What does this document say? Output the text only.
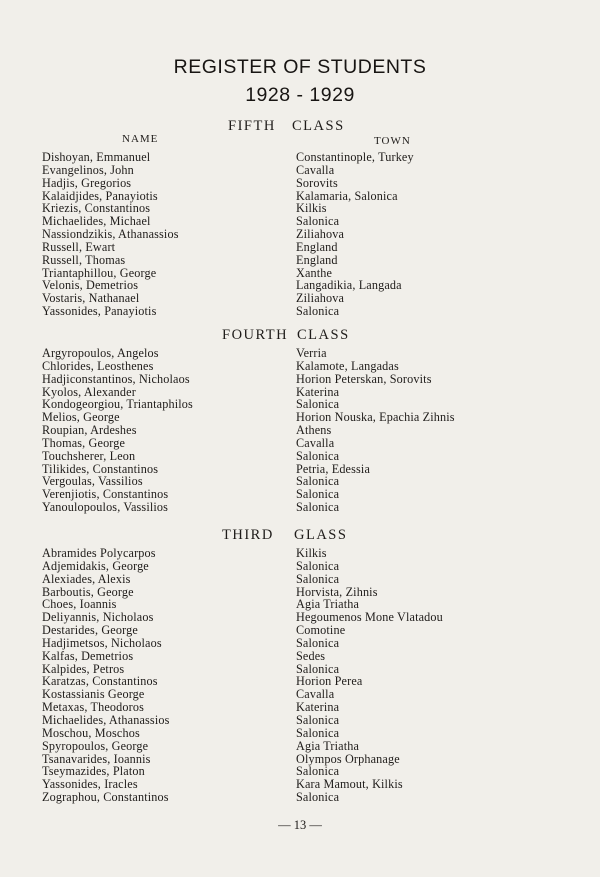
REGISTER OF STUDENTS
1928 - 1929
FIFTH CLASS
NAME	TOWN
Dishoyan, Emmanuel
Evangelinos, John
Hadjis, Gregorios
Kalaidjides, Panayiotis
Kriezis, Constantinos
Michaelides, Michael
Nassiondzikis, Athanassios
Russell, Ewart
Russell, Thomas
Triantaphillou, George
Velonis, Demetrios
Vostaris, Nathanael
Yassonides, Panayiotis
Constantinople, Turkey
Cavalla
Sorovits
Kalamaria, Salonica
Kilkis
Salonica
Ziliahova
England
England
Xanthe
Langadikia, Langada
Ziliahova
Salonica
FOURTH CLASS
Argyropoulos, Angelos
Chlorides, Leosthenes
Hadjiconstantinos, Nicholaos
Kyolos, Alexander
Kondogeorgiou, Triantaphilos
Melios, George
Roupian, Ardeshes
Thomas, George
Touchsherer, Leon
Tilikides, Constantinos
Vergoulas, Vassilios
Verenjiotis, Constantinos
Yanoulopoulos, Vassilios
Verria
Kalamote, Langadas
Horion Peterskan, Sorovits
Katerina
Salonica
Horion Nouska, Epachia Zihnis
Athens
Cavalla
Salonica
Petria, Edessia
Salonica
Salonica
Salonica
THIRD GLASS
Abramides Polycarpos
Adjemidakis, George
Alexiades, Alexis
Barboutis, George
Choes, Ioannis
Deliyannis, Nicholaos
Destarides, George
Hadjimetsos, Nicholaos
Kalfas, Demetrios
Kalpides, Petros
Karatzas, Constantinos
Kostassianis George
Metaxas, Theodoros
Michaelides, Athanassios
Moschou, Moschos
Spyropoulos, George
Tsanavarides, Ioannis
Tseymazides, Platon
Yassonides, Iracles
Zographou, Constantinos
Kilkis
Salonica
Salonica
Horvista, Zihnis
Agia Triatha
Hegoumenos Mone Vlatadou
Comotine
Salonica
Sedes
Salonica
Horion Perea
Cavalla
Katerina
Salonica
Salonica
Agia Triatha
Olympos Orphanage
Salonica
Kara Mamout, Kilkis
Salonica
— 13 —
